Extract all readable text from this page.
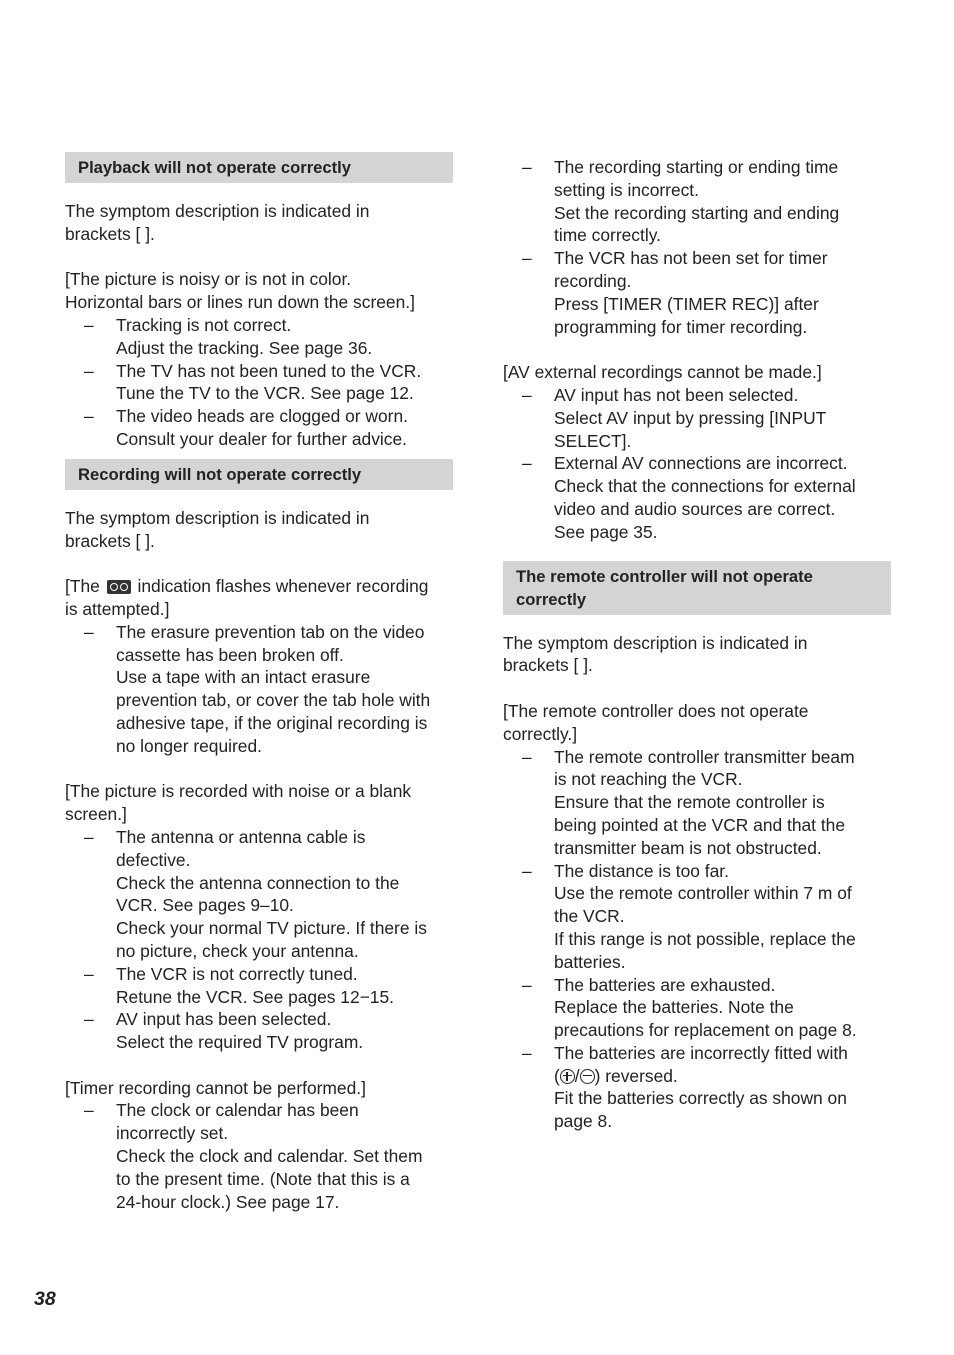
Playback will not operate correctly

The symptom description is indicated in

brackets [ ].

[The picture is noisy or is not in color.

Horizontal bars or lines run down the screen.]

– Tracking is not correct.
Adjust the tracking. See page 36.
– The TV has not been tuned to the VCR.
Tune the TV to the VCR. See page 12.
– The video heads are clogged or worn.
Consult your dealer for further advice.
Recording will not operate correctly

The symptom description is indicated in

brackets [ ].

[The indication flashes whenever recording

is attempted.]

– The erasure prevention tab on the video
cassette has been broken off.
Use a tape with an intact erasure
prevention tab, or cover the tab hole with
adhesive tape, if the original recording is
no longer required.

[The picture is recorded with noise or a blank

screen.]

– The antenna or antenna cable is
defective.
Check the antenna connection to the
VCR. See pages 9–10.
Check your normal TV picture. If there is
no picture, check your antenna.
– The VCR is not correctly tuned.
Retune the VCR. See pages 12−15.
– AV input has been selected.
Select the required TV program.

[Timer recording cannot be performed.]

– The clock or calendar has been
incorrectly set.
Check the clock and calendar. Set them
to the present time. (Note that this is a
24-hour clock.) See page 17.
– The recording starting or ending time
setting is incorrect.
Set the recording starting and ending
time correctly.
– The VCR has not been set for timer
recording.
Press [TIMER (TIMER REC)] after
programming for timer recording.

[AV external recordings cannot be made.]

– AV input has not been selected.
Select AV input by pressing [INPUT
SELECT].
– External AV connections are incorrect.
Check that the connections for external
video and audio sources are correct.
See page 35.
The remote controller will not operate
correctly

The symptom description is indicated in

brackets [ ].

[The remote controller does not operate

correctly.]

– The remote controller transmitter beam
is not reaching the VCR.
Ensure that the remote controller is
being pointed at the VCR and that the
transmitter beam is not obstructed.
– The distance is too far.
Use the remote controller within 7 m of
the VCR.
If this range is not possible, replace the
batteries.
– The batteries are exhausted.
Replace the batteries. Note the
precautions for replacement on page 8.
– The batteries are incorrectly fitted with
( / ) reversed.
Fit the batteries correctly as shown on
page 8.
38
